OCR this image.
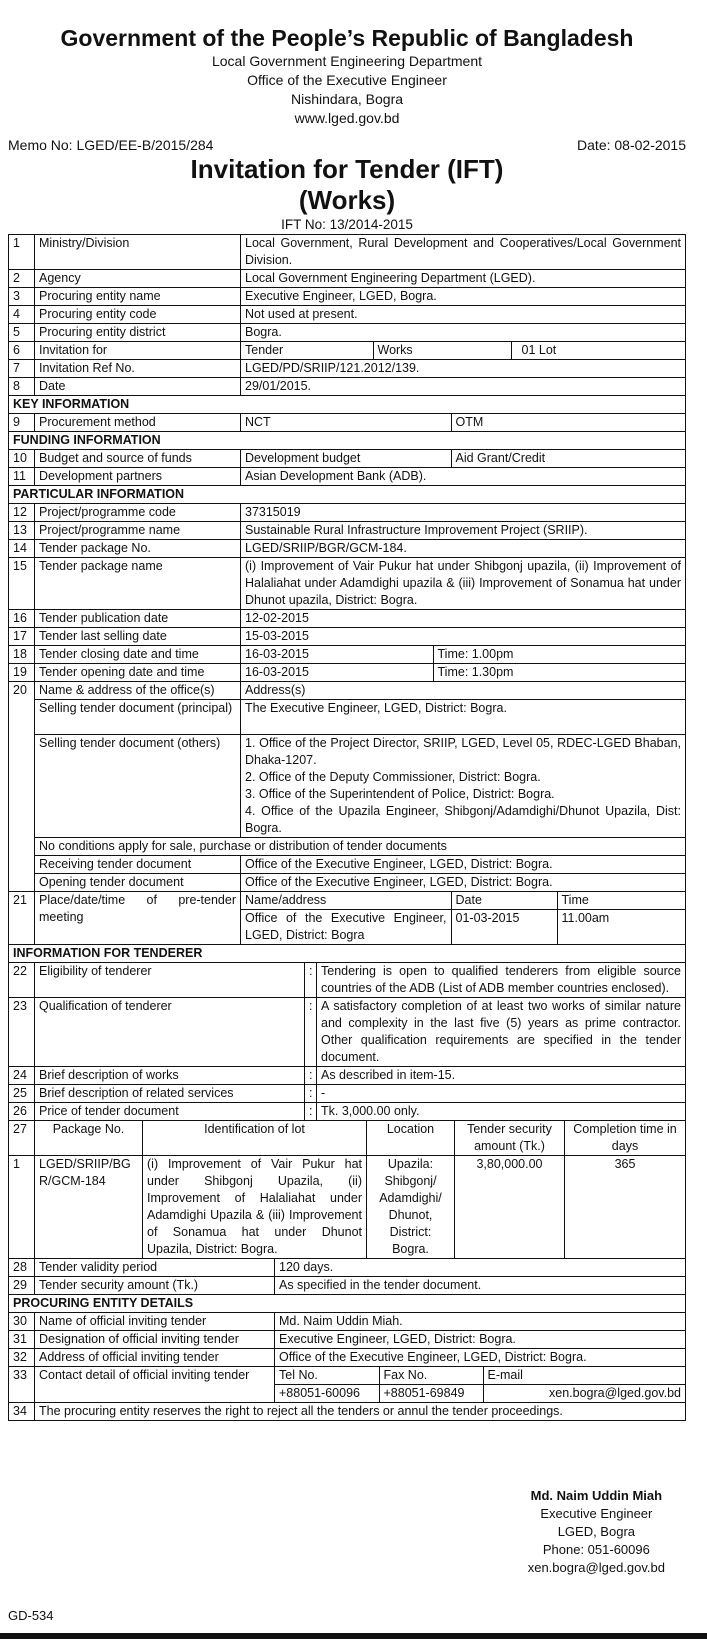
Government of the People’s Republic of Bangladesh
Local Government Engineering Department
Office of the Executive Engineer
Nishindara, Bogra
www.lged.gov.bd
Memo No: LGED/EE-B/2015/284	Date: 08-02-2015
Invitation for Tender (IFT)
(Works)
IFT No: 13/2014-2015
1	Ministry/Division	Local Government, Rural Development and Cooperatives/Local Government Division.
2	Agency	Local Government Engineering Department (LGED).
3	Procuring entity name	Executive Engineer, LGED, Bogra.
4	Procuring entity code	Not used at present.
5	Procuring entity district	Bogra.
6	Invitation for		Tender	Works	01 Lot

7	Invitation Ref No.	LGED/PD/SRIIP/121.2012/139.
8	Date	29/01/2015.
KEY INFORMATION
9	Procurement method		NCT	OTM

FUNDING INFORMATION
10	Budget and source of funds		Development budget	Aid Grant/Credit

11	Development partners	Asian Development Bank (ADB).
PARTICULAR INFORMATION
12	Project/programme code	37315019
13	Project/programme name	Sustainable Rural Infrastructure Improvement Project (SRIIP).
14	Tender package No.	LGED/SRIIP/BGR/GCM-184.
15	Tender package name	(i) Improvement of Vair Pukur hat under Shibgonj upazila, (ii) Improvement of Halaliahat under Adamdighi upazila & (iii) Improvement of Sonamua hat under Dhunot upazila, District: Bogra.
16	Tender publication date	12-02-2015
17	Tender last selling date	15-03-2015
18	Tender closing date and time		16-03-2015	Time: 1.00pm

19	Tender opening date and time		16-03-2015	Time: 1.30pm

20	Name & address of the office(s)	Address(s)
Selling tender document (principal)	The Executive Engineer, LGED, District: Bogra.
Selling tender document (others)	1. Office of the Project Director, SRIIP, LGED, Level 05, RDEC-LGED Bhaban, Dhaka-1207.
2. Office of the Deputy Commissioner, District: Bogra.
3. Office of the Superintendent of Police, District: Bogra.
4. Office of the Upazila Engineer, Shibgonj/Adamdighi/Dhunot Upazila, Dist: Bogra.

No conditions apply for sale, purchase or distribution of tender documents
Receiving tender document	Office of the Executive Engineer, LGED, District: Bogra.
Opening tender document	Office of the Executive Engineer, LGED, District: Bogra.
21	Place/date/time of pre-tender meeting	
Name/address	Date	Time
Office of the Executive Engineer, LGED, District: Bogra	01-03-2015	11.00am
INFORMATION FOR TENDERER			
22	Eligibility of tenderer	:	Tendering is open to qualified tenderers from eligible source countries of the ADB (List of ADB member countries enclosed).
23	Qualification of tenderer	:	A satisfactory completion of at least two works of similar nature and complexity in the last five (5) years as prime contractor. Other qualification requirements are specified in the tender document.
24	Brief description of works	:	As described in item-15.
25	Brief description of related services	:	-
26	Price of tender document	:	Tk. 3,000.00 only.
27	Package No.	Identification of lot	Location	Tender security amount (Tk.)	Completion time in days
1	LGED/SRIIP/BGR/GCM-184	(i) Improvement of Vair Pukur hat under Shibgonj Upazila, (ii) Improvement of Halaliahat under Adamdighi Upazila & (iii) Improvement of Sonamua hat under Dhunot Upazila, District: Bogra.	Upazila: Shibgonj/ Adamdighi/ Dhunot, District: Bogra.	3,80,000.00	365
28	Tender validity period	120 days.
29	Tender security amount (Tk.)	As specified in the tender document.
PROCURING ENTITY DETAILS
30	Name of official inviting tender	Md. Naim Uddin Miah.
31	Designation of official inviting tender	Executive Engineer, LGED, District: Bogra.
32	Address of official inviting tender	Office of the Executive Engineer, LGED, District: Bogra.
33	Contact detail of official inviting tender	Tel No.	Fax No.	E-mail
+88051-60096	+88051-69849	xen.bogra@lged.gov.bd

34	The procuring entity reserves the right to reject all the tenders or annul the tender proceedings.
Md. Naim Uddin Miah
Executive Engineer
LGED, Bogra
Phone: 051-60096
xen.bogra@lged.gov.bd
GD-534
